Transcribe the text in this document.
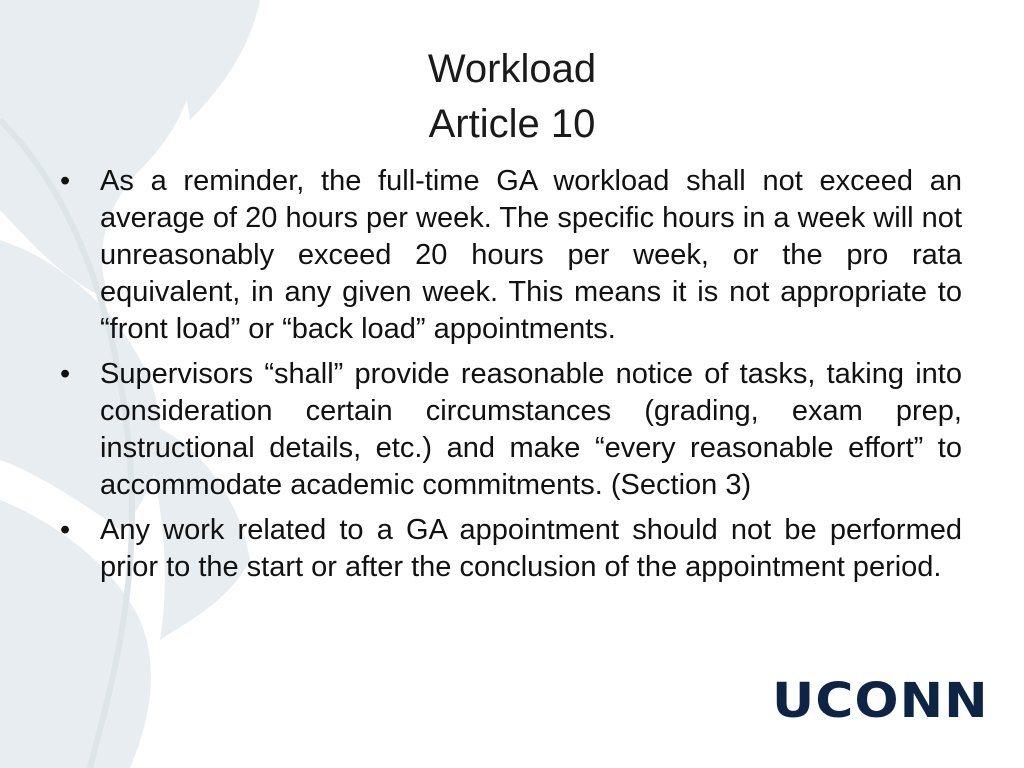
Workload
Article 10
•	As a reminder, the full-time GA workload shall not exceed an average of 20 hours per week. The specific hours in a week will not unreasonably exceed 20 hours per week, or the pro rata equivalent, in any given week. This means it is not appropriate to “front load” or “back load” appointments.
•	Supervisors “shall” provide reasonable notice of tasks, taking into consideration certain circumstances (grading, exam prep, instructional details, etc.) and make “every reasonable effort” to accommodate academic commitments. (Section 3)
•	Any work related to a GA appointment should not be performed prior to the start or after the conclusion of the appointment period.
UCONN
